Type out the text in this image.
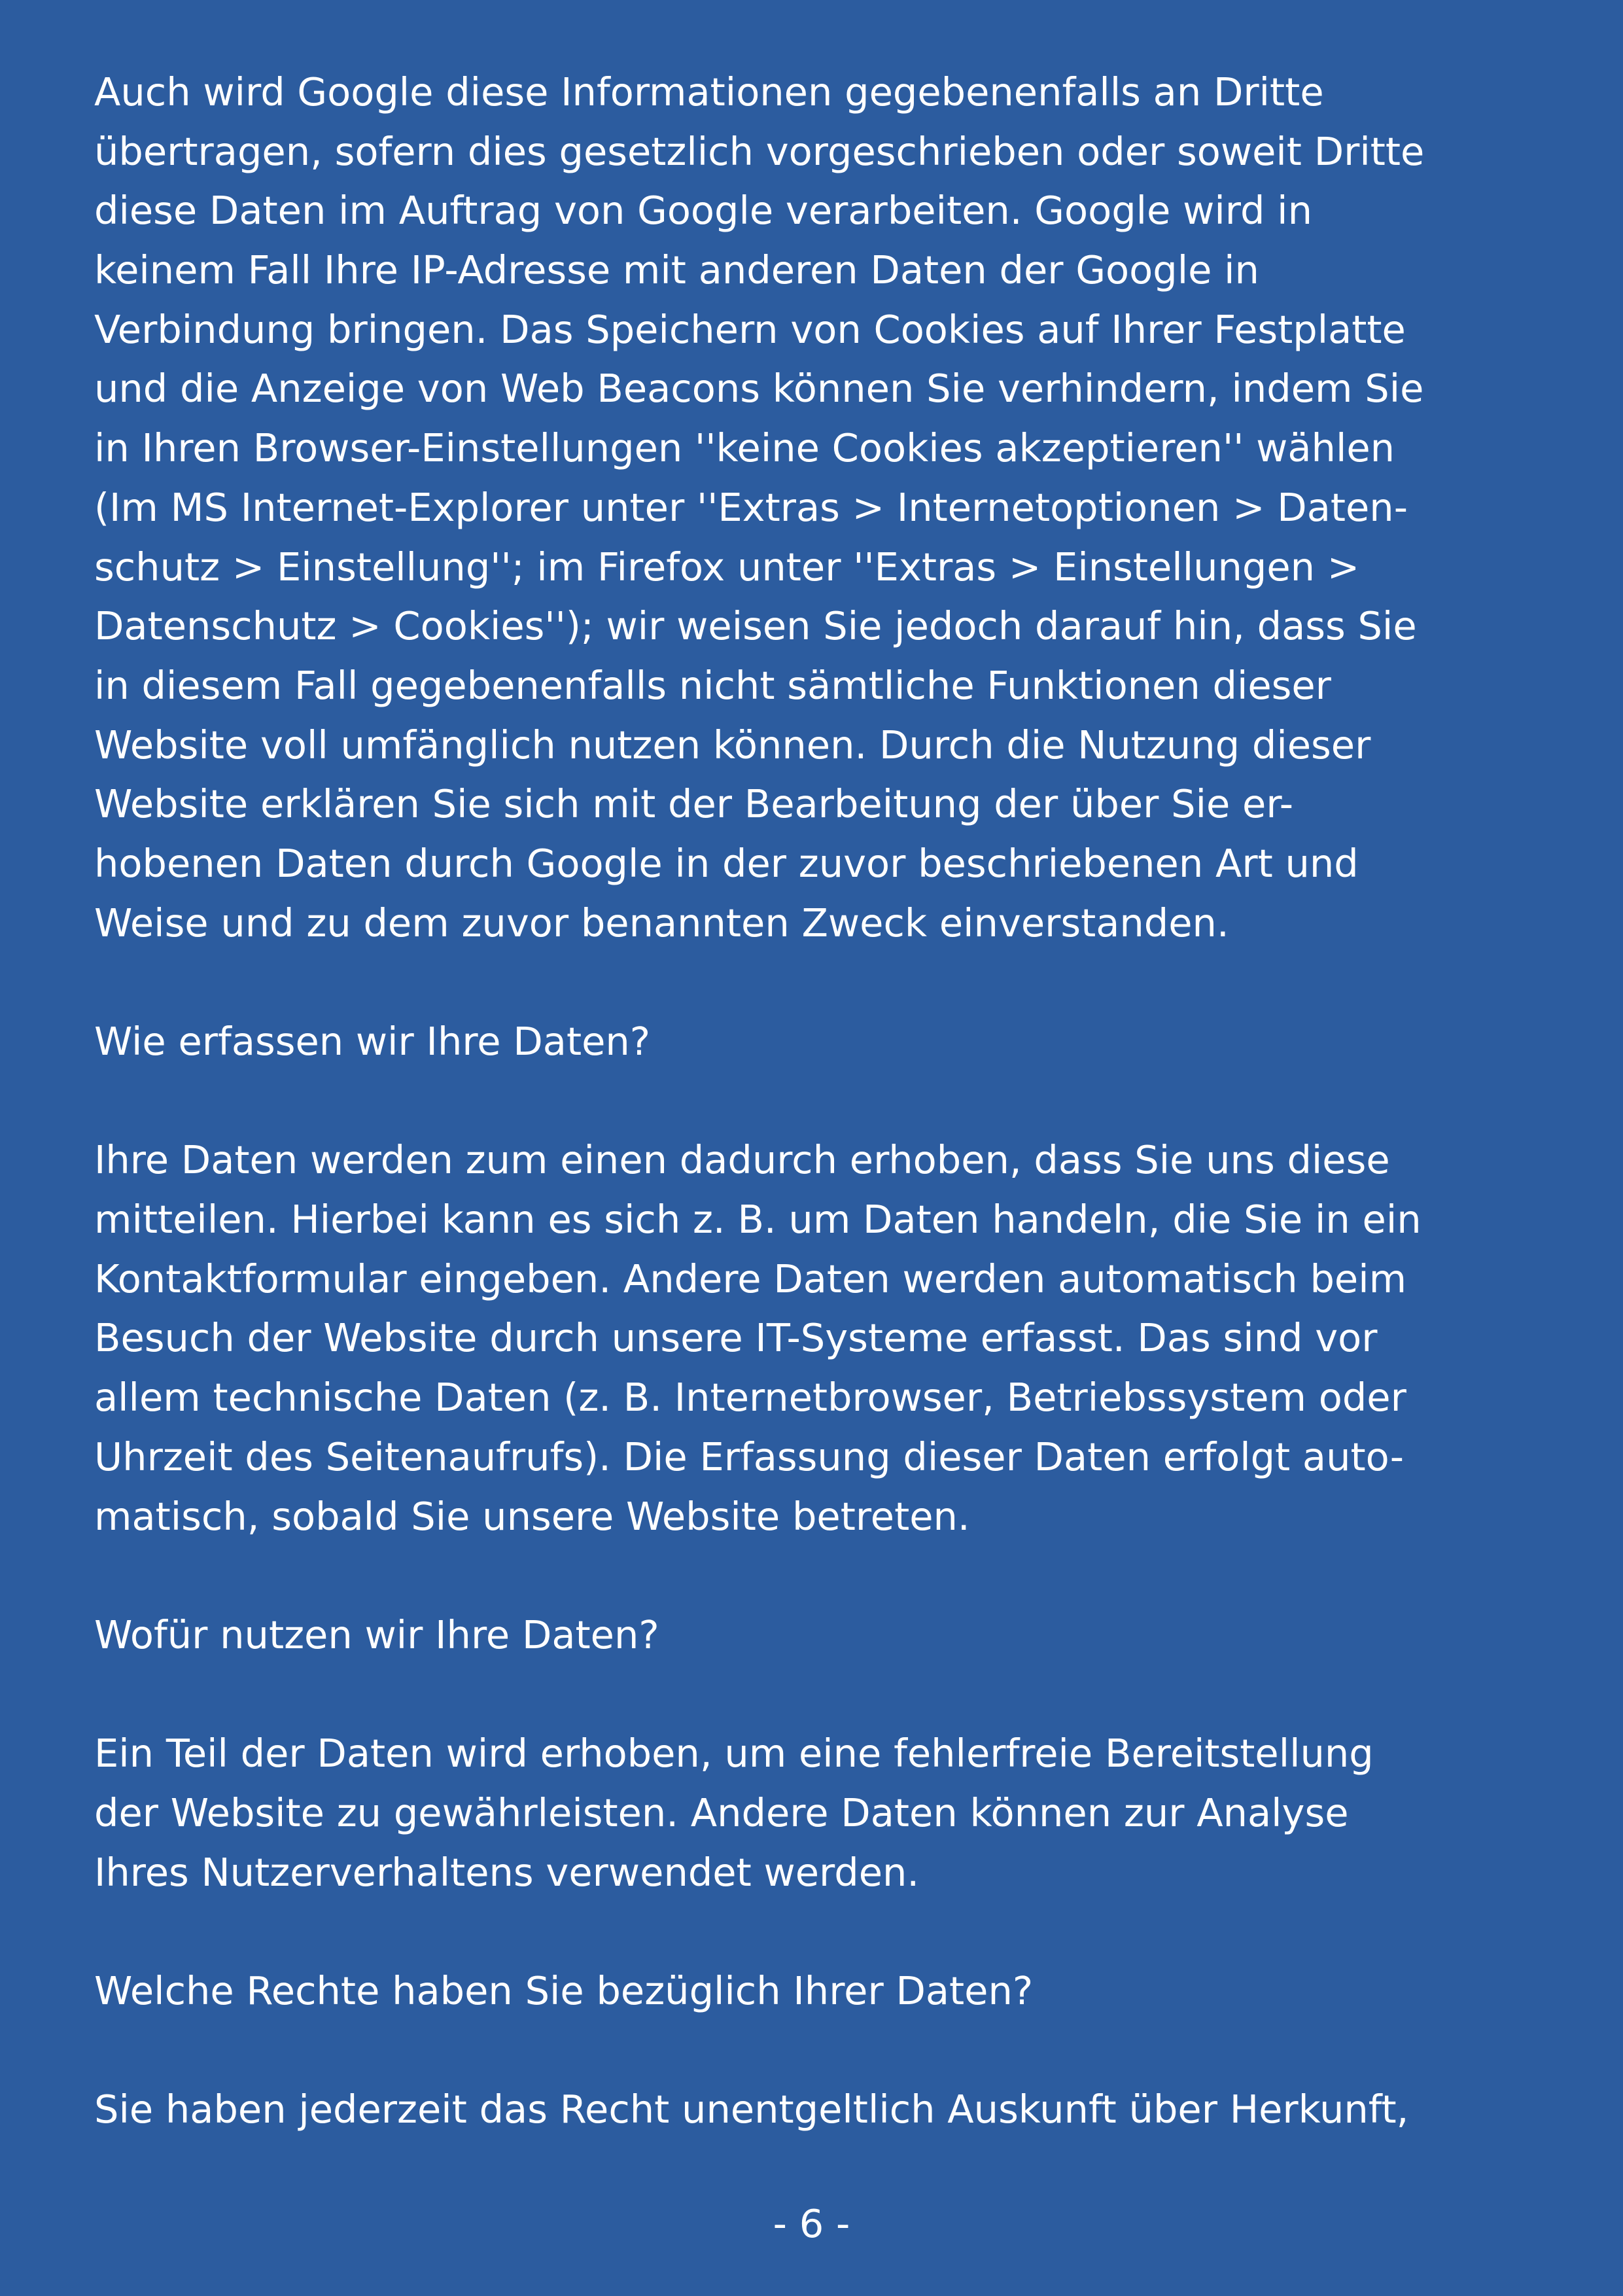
Auch wird Google diese Informationen gegebenenfalls an Dritte
übertragen, sofern dies gesetzlich vorgeschrieben oder soweit Dritte
diese Daten im Auftrag von Google verarbeiten. Google wird in
keinem Fall Ihre IP-Adresse mit anderen Daten der Google in
Verbindung bringen. Das Speichern von Cookies auf Ihrer Festplatte
und die Anzeige von Web Beacons können Sie verhindern, indem Sie
in Ihren Browser-Einstellungen ''keine Cookies akzeptieren'' wählen
(Im MS Internet-Explorer unter ''Extras > Internetoptionen > Daten-
schutz > Einstellung''; im Firefox unter ''Extras > Einstellungen >
Datenschutz > Cookies''); wir weisen Sie jedoch darauf hin, dass Sie
in diesem Fall gegebenenfalls nicht sämtliche Funktionen dieser
Website voll umfänglich nutzen können. Durch die Nutzung dieser
Website erklären Sie sich mit der Bearbeitung der über Sie er-
hobenen Daten durch Google in der zuvor beschriebenen Art und
Weise und zu dem zuvor benannten Zweck einverstanden.
Wie erfassen wir Ihre Daten?
Ihre Daten werden zum einen dadurch erhoben, dass Sie uns diese
mitteilen. Hierbei kann es sich z. B. um Daten handeln, die Sie in ein
Kontaktformular eingeben. Andere Daten werden automatisch beim
Besuch der Website durch unsere IT-Systeme erfasst. Das sind vor
allem technische Daten (z. B. Internetbrowser, Betriebssystem oder
Uhrzeit des Seitenaufrufs). Die Erfassung dieser Daten erfolgt auto-
matisch, sobald Sie unsere Website betreten.
Wofür nutzen wir Ihre Daten?
Ein Teil der Daten wird erhoben, um eine fehlerfreie Bereitstellung
der Website zu gewährleisten. Andere Daten können zur Analyse
Ihres Nutzerverhaltens verwendet werden.
Welche Rechte haben Sie bezüglich Ihrer Daten?
Sie haben jederzeit das Recht unentgeltlich Auskunft über Herkunft,
- 6 -
